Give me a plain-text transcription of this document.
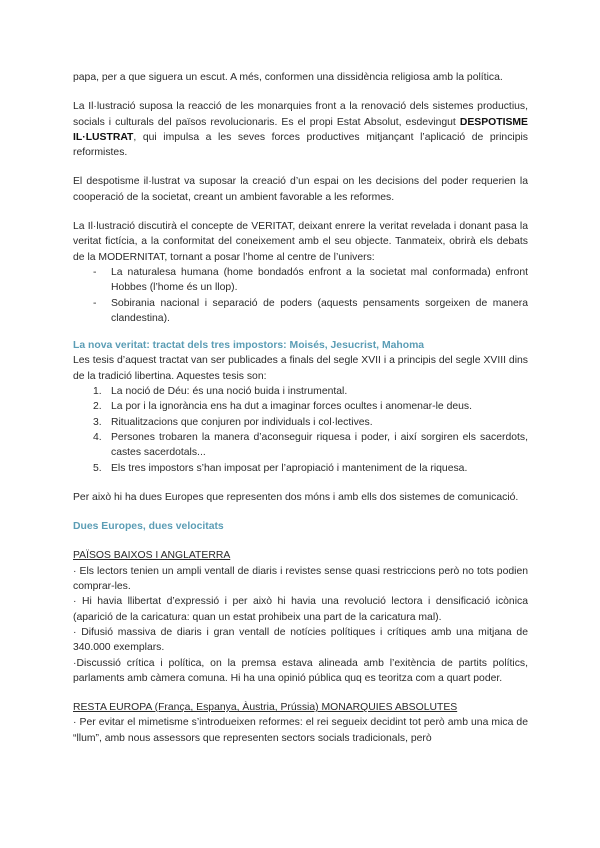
papa, per a que siguera un escut. A més, conformen una dissidència religiosa amb la política.

La Il·lustració suposa la reacció de les monarquies front a la renovació dels sistemes productius, socials i culturals del països revolucionaris. Es el propi Estat Absolut, esdevingut DESPOTISME IL·LUSTRAT, qui impulsa a les seves forces productives mitjançant l’aplicació de principis reformistes.

El despotisme il·lustrat va suposar la creació d’un espai on les decisions del poder requerien la cooperació de la societat, creant un ambient favorable a les reformes.

La Il·lustració discutirà el concepte de VERITAT, deixant enrere la veritat revelada i donant pasa la veritat fictícia, a la conformitat del coneixement amb el seu objecte. Tanmateix, obrirà els debats de la MODERNITAT, tornant a posar l’home al centre de l’univers:

- La naturalesa humana (home bondadós enfront a la societat mal conformada) enfront Hobbes (l’home és un llop).
- Sobirania nacional i separació de poders (aquests pensaments sorgeixen de manera clandestina).

La nova veritat: tractat dels tres impostors: Moisés, Jesucrist, Mahoma

Les tesis d’aquest tractat van ser publicades a finals del segle XVII i a principis del segle XVIII dins de la tradició libertina. Aquestes tesis son:

1. La noció de Déu: és una noció buida i instrumental.
2. La por i la ignorància ens ha dut a imaginar forces ocultes i anomenar-le deus.
3. Ritualitzacions que conjuren por individuals i col·lectives.
4. Persones trobaren la manera d’aconseguir riquesa i poder, i així sorgiren els sacerdots, castes sacerdotals...
5. Els tres impostors s’han imposat per l’apropiació i manteniment de la riquesa.

Per això hi ha dues Europes que representen dos móns i amb ells dos sistemes de comunicació.

Dues Europes, dues velocitats

PAÏSOS BAIXOS I ANGLATERRA

· Els lectors tenien un ampli ventall de diaris i revistes sense quasi restriccions però no tots podien comprar-les.

· Hi havia llibertat d’expressió i per això hi havia una revolució lectora i densificació icònica (aparició de la caricatura: quan un estat prohibeix una part de la caricatura mal).

· Difusió massiva de diaris i gran ventall de notícies polítiques i crítiques amb una mitjana de 340.000 exemplars.

·Discussió crítica i política, on la premsa estava alineada amb l’exitència de partits polítics, parlaments amb càmera comuna. Hi ha una opinió pública quq es teoritza com a quart poder.

RESTA EUROPA (França, Espanya, Àustria, Prússia) MONARQUIES ABSOLUTES

· Per evitar el mimetisme s’introdueixen reformes: el rei segueix decidint tot però amb una mica de “llum”, amb nous assessors que representen sectors socials tradicionals, però
